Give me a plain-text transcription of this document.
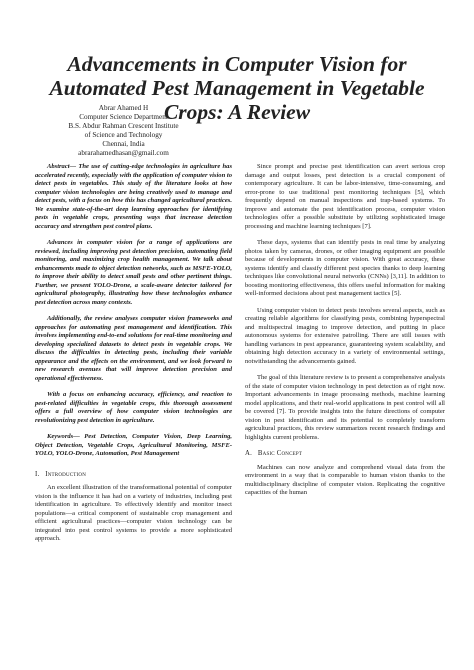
Advancements in Computer Vision for Automated Pest Management in Vegetable Crops: A Review
Abrar Ahamed H
Computer Science Department
B.S. Abdur Rahman Crescent Institute
of Science and Technology
Chennai, India
abrarahamedhasan@gmail.com

Abstract— The use of cutting-edge technologies in agriculture has accelerated recently, especially with the application of computer vision to detect pests in vegetables. This study of the literature looks at how computer vision technologies are being creatively used to manage and detect pests, with a focus on how this has changed agricultural practices. We examine state-of-the-art deep learning approaches for identifying pests in vegetable crops, presenting ways that increase detection accuracy and strengthen pest control plans.

Advances in computer vision for a range of applications are reviewed, including improving pest detection precision, automating field monitoring, and maximizing crop health management. We talk about enhancements made to object detection networks, such as MSFE-YOLO, to improve their ability to detect small pests and other pertinent things. Further, we present YOLO-Drone, a scale-aware detector tailored for agricultural photography, illustrating how these technologies enhance pest detection across many contexts.

Additionally, the review analyses computer vision frameworks and approaches for automating pest management and identification. This involves implementing end-to-end solutions for real-time monitoring and developing specialized datasets to detect pests in vegetable crops. We discuss the difficulties in detecting pests, including their variable appearance and the effects on the environment, and we look forward to new research avenues that will improve detection precision and operational effectiveness.

With a focus on enhancing accuracy, efficiency, and reaction to pest-related difficulties in vegetable crops, this thorough assessment offers a full overview of how computer vision technologies are revolutionizing pest detection in agriculture.

Keywords— Pest Detection, Computer Vision, Deep Learning, Object Detection, Vegetable Crops, Agricultural Monitoring, MSFE-YOLO, YOLO-Drone, Automation, Pest Management

I. Introduction

An excellent illustration of the transformational potential of computer vision is the influence it has had on a variety of industries, including pest identification in agriculture. To effectively identify and monitor insect populations—a critical component of sustainable crop management and efficient agricultural practices—computer vision technology can be integrated into pest control systems to provide a more sophisticated approach.

Since prompt and precise pest identification can avert serious crop damage and output losses, pest detection is a crucial component of contemporary agriculture. It can be labor-intensive, time-consuming, and error-prone to use traditional pest monitoring techniques [5], which frequently depend on manual inspections and trap-based systems. To improve and automate the pest identification process, computer vision technologies offer a possible substitute by utilizing sophisticated image processing and machine learning techniques [7].

These days, systems that can identify pests in real time by analyzing photos taken by cameras, drones, or other imaging equipment are possible because of developments in computer vision. With great accuracy, these systems identify and classify different pest species thanks to deep learning techniques like convolutional neural networks (CNNs) [3,11]. In addition to boosting monitoring effectiveness, this offers useful information for making well-informed decisions about pest management tactics [5].

Using computer vision to detect pests involves several aspects, such as creating reliable algorithms for classifying pests, combining hyperspectral and multispectral imaging to improve detection, and putting in place autonomous systems for extensive patrolling. There are still issues with handling variances in pest appearance, guaranteeing system scalability, and obtaining high detection accuracy in a variety of environmental settings, notwithstanding the advancements gained.

The goal of this literature review is to present a comprehensive analysis of the state of computer vision technology in pest detection as of right now. Important advancements in image processing methods, machine learning model applications, and their real-world applications in pest control will all be covered [7]. To provide insights into the future directions of computer vision in pest identification and its potential to completely transform agricultural practices, this review summarizes recent research findings and highlights current problems.

A. Basic Concept

Machines can now analyze and comprehend visual data from the environment in a way that is comparable to human vision thanks to the multidisciplinary discipline of computer vision. Replicating the cognitive capacities of the human
